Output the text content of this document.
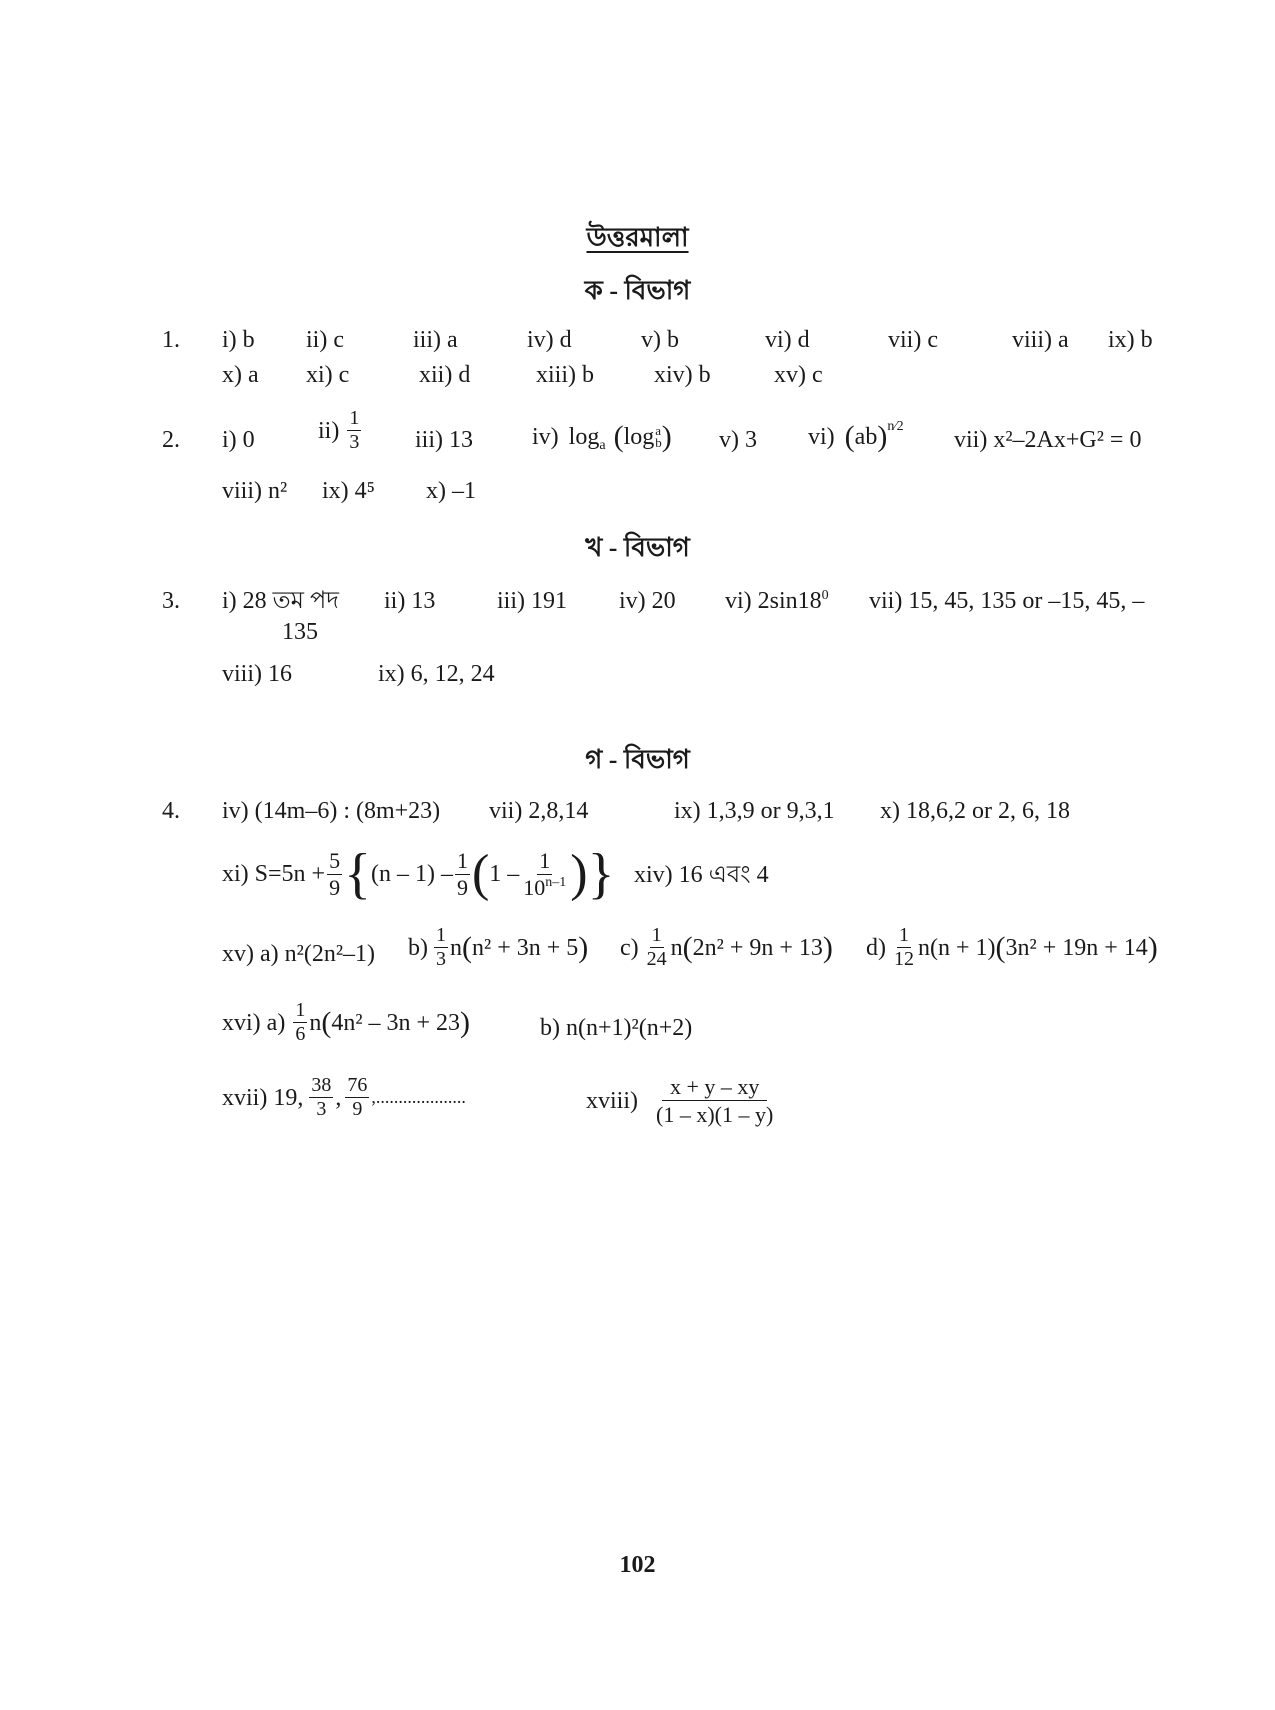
উত্তরমালা
ক - বিভাগ
1. i) b ii) c	iii) a	iv) d	v) b	vi) d	vii) c	viii) a ix) b
x) a xi) c	xii) d	xiii) b	xiv) b	xv) c
2. i) 0	$ii) \frac{1}{3} iii$) 13 iv) $\log_a$ ( log a
b ) v) 3 vi) ( ab ) n⁄2
vii) x²–2Ax+G² = 0
viii) n² ix) 4⁵ x) –1
খ - বিভাগ
3. i) 28 তম পদ ii) 13	iii) 191 iv) 20 vi) $2\sin 18^0$ vii) 15, 45, 135 or –15, 45, –
135
viii) 16	ix) 6, 12, 24
গ - বিভাগ
4. iv) (14m–6) : (8m+23) vii) 2,8,14	ix) 1,3,9 or 9,3,1 x) 18,6,2 or 2, 6, 18
xi) $S=5n + \frac{5}{9}$ { $(n - 1) - \frac{1}{9}$ ( $1 - \frac{1}{10^{n-1}}$ ) } xiv) 16 এবং 4
xv) a) n²(2n²–1) $b) \frac{1}{3}$ n ( n² + 3n + 5 ) $c) \frac{1}{24}$ n ( 2n² + 9n + 13 ) $d) \frac{1}{12} n(n + 1)$ ( 3n² + 19n + 14 )
xvi) $a) \frac{1}{6}$ n ( 4n² – 3n + 23 )	b) n(n+1)²(n+2)
xvii) 19, $\frac{38}{3}$ , $\frac{76}{9}$ ,....................	xviii) $\frac{x + y - xy}{(1 - x)(1 - y)}$
102
